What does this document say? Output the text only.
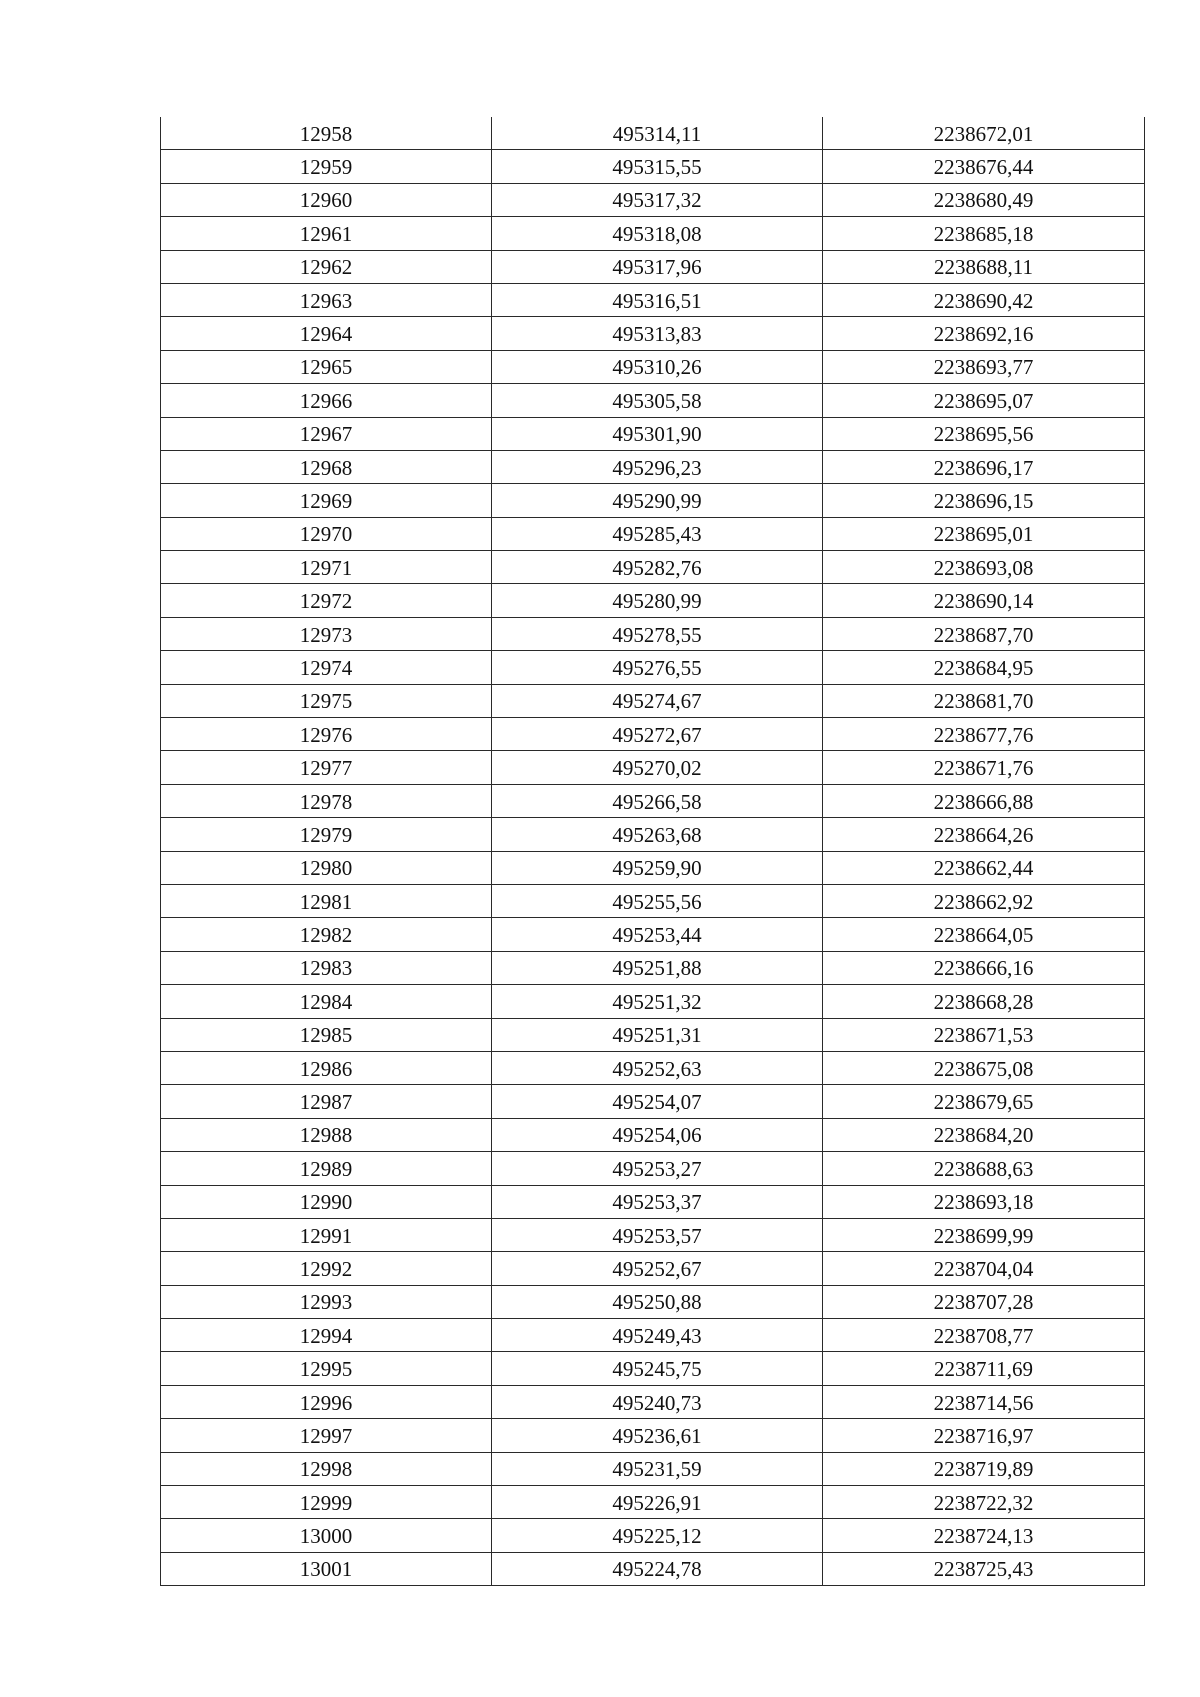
12958	495314,11	2238672,01
12959	495315,55	2238676,44
12960	495317,32	2238680,49
12961	495318,08	2238685,18
12962	495317,96	2238688,11
12963	495316,51	2238690,42
12964	495313,83	2238692,16
12965	495310,26	2238693,77
12966	495305,58	2238695,07
12967	495301,90	2238695,56
12968	495296,23	2238696,17
12969	495290,99	2238696,15
12970	495285,43	2238695,01
12971	495282,76	2238693,08
12972	495280,99	2238690,14
12973	495278,55	2238687,70
12974	495276,55	2238684,95
12975	495274,67	2238681,70
12976	495272,67	2238677,76
12977	495270,02	2238671,76
12978	495266,58	2238666,88
12979	495263,68	2238664,26
12980	495259,90	2238662,44
12981	495255,56	2238662,92
12982	495253,44	2238664,05
12983	495251,88	2238666,16
12984	495251,32	2238668,28
12985	495251,31	2238671,53
12986	495252,63	2238675,08
12987	495254,07	2238679,65
12988	495254,06	2238684,20
12989	495253,27	2238688,63
12990	495253,37	2238693,18
12991	495253,57	2238699,99
12992	495252,67	2238704,04
12993	495250,88	2238707,28
12994	495249,43	2238708,77
12995	495245,75	2238711,69
12996	495240,73	2238714,56
12997	495236,61	2238716,97
12998	495231,59	2238719,89
12999	495226,91	2238722,32
13000	495225,12	2238724,13
13001	495224,78	2238725,43
